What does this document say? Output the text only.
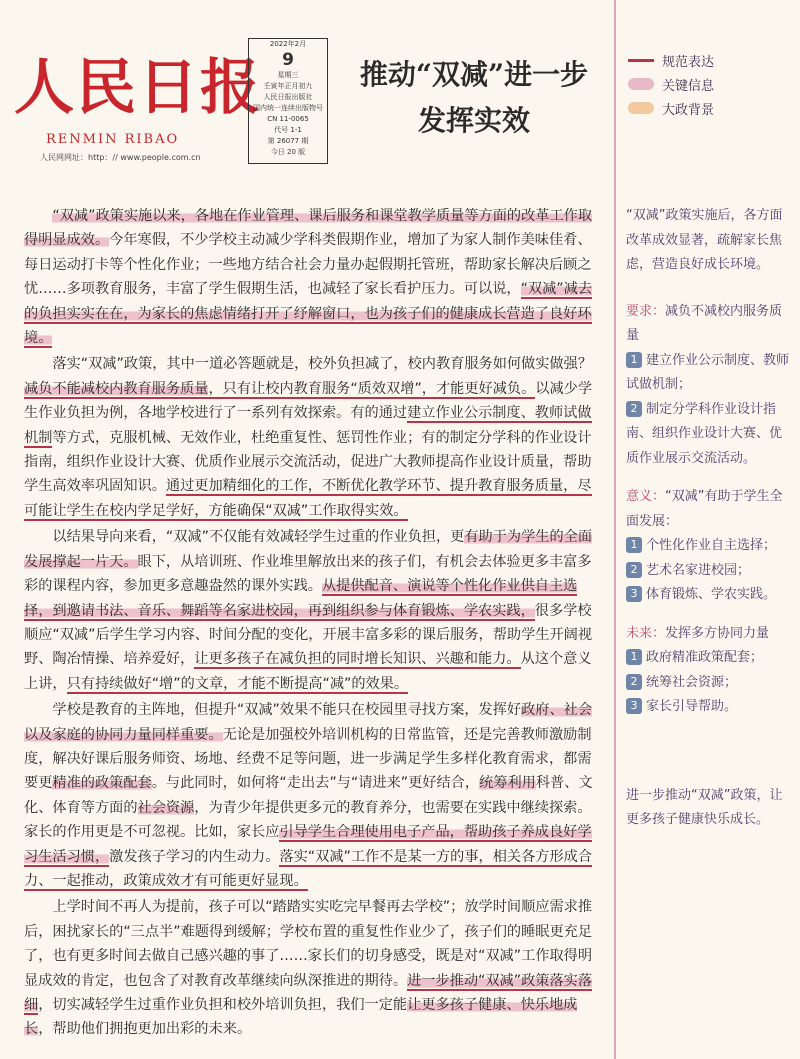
人民日报
RENMIN RIBAO
人民网网址：http：// www.people.com.cn
2022年2月
9
星期三
壬寅年正月初九
人民日报出版社
国内统一连续出版物号
CN 11-0065
代号 1-1
第 26077 期
今日 20 版
推动“双减”进一步
发挥实效
规范表达
关键信息
大政背景

“双减”政策实施以来，各地在作业管理、课后服务和课堂教学质量等方面的改革工作取得明显成效。今年寒假，不少学校主动减少学科类假期作业，增加了为家人制作美味佳肴、每日运动打卡等个性化作业；一些地方结合社会力量办起假期托管班，帮助家长解决后顾之忧……多项教育服务，丰富了学生假期生活，也减轻了家长看护压力。可以说，“双减”减去的负担实实在在，为家长的焦虑情绪打开了纾解窗口，也为孩子们的健康成长营造了良好环境。

落实“双减”政策，其中一道必答题就是，校外负担减了，校内教育服务如何做实做强？减负不能减校内教育服务质量，只有让校内教育服务“质效双增”，才能更好减负。以减少学生作业负担为例，各地学校进行了一系列有效探索。有的通过建立作业公示制度、教师试做机制等方式，克服机械、无效作业，杜绝重复性、惩罚性作业；有的制定分学科的作业设计指南，组织作业设计大赛、优质作业展示交流活动，促进广大教师提高作业设计质量，帮助学生高效率巩固知识。通过更加精细化的工作，不断优化教学环节、提升教育服务质量，尽可能让学生在校内学足学好，方能确保“双减”工作取得实效。

以结果导向来看，“双减”不仅能有效减轻学生过重的作业负担，更有助于为学生的全面发展撑起一片天。眼下，从培训班、作业堆里解放出来的孩子们，有机会去体验更多丰富多彩的课程内容，参加更多意趣盎然的课外实践。从提供配音、演说等个性化作业供自主选择，到邀请书法、音乐、舞蹈等名家进校园，再到组织参与体育锻炼、学农实践，很多学校顺应“双减”后学生学习内容、时间分配的变化，开展丰富多彩的课后服务，帮助学生开阔视野、陶冶情操、培养爱好，让更多孩子在减负担的同时增长知识、兴趣和能力。从这个意义上讲，只有持续做好“增”的文章，才能不断提高“减”的效果。

学校是教育的主阵地，但提升“双减”效果不能只在校园里寻找方案，发挥好政府、社会以及家庭的协同力量同样重要。无论是加强校外培训机构的日常监管，还是完善教师激励制度，解决好课后服务师资、场地、经费不足等问题，进一步满足学生多样化教育需求，都需要更精准的政策配套。与此同时，如何将“走出去”与“请进来”更好结合，统筹利用科普、文化、体育等方面的社会资源，为青少年提供更多元的教育养分，也需要在实践中继续探索。家长的作用更是不可忽视。比如，家长应引导学生合理使用电子产品，帮助孩子养成良好学习生活习惯，激发孩子学习的内生动力。落实“双减”工作不是某一方的事，相关各方形成合力、一起推动，政策成效才有可能更好显现。

上学时间不再人为提前，孩子可以“踏踏实实吃完早餐再去学校”；放学时间顺应需求推后，困扰家长的“三点半”难题得到缓解；学校布置的重复性作业少了，孩子们的睡眠更充足了，也有更多时间去做自己感兴趣的事了……家长们的切身感受，既是对“双减”工作取得明显成效的肯定，也包含了对教育改革继续向纵深推进的期待。进一步推动“双减”政策落实落细，切实减轻学生过重作业负担和校外培训负担，我们一定能让更多孩子健康、快乐地成长，帮助他们拥抱更加出彩的未来。

“双减”政策实施后，各方面改革成效显著，疏解家长焦虑，营造良好成长环境。
要求：减负不减校内服务质量
1 建立作业公示制度、教师试做机制；
2 制定分学科作业设计指南、组织作业设计大赛、优质作业展示交流活动。
意义：“双减”有助于学生全面发展：
1 个性化作业自主选择；
2 艺术名家进校园；
3 体育锻炼、学农实践。
未来：发挥多方协同力量
1 政府精准政策配套；
2 统筹社会资源；
3 家长引导帮助。
进一步推动“双减”政策，让更多孩子健康快乐成长。
